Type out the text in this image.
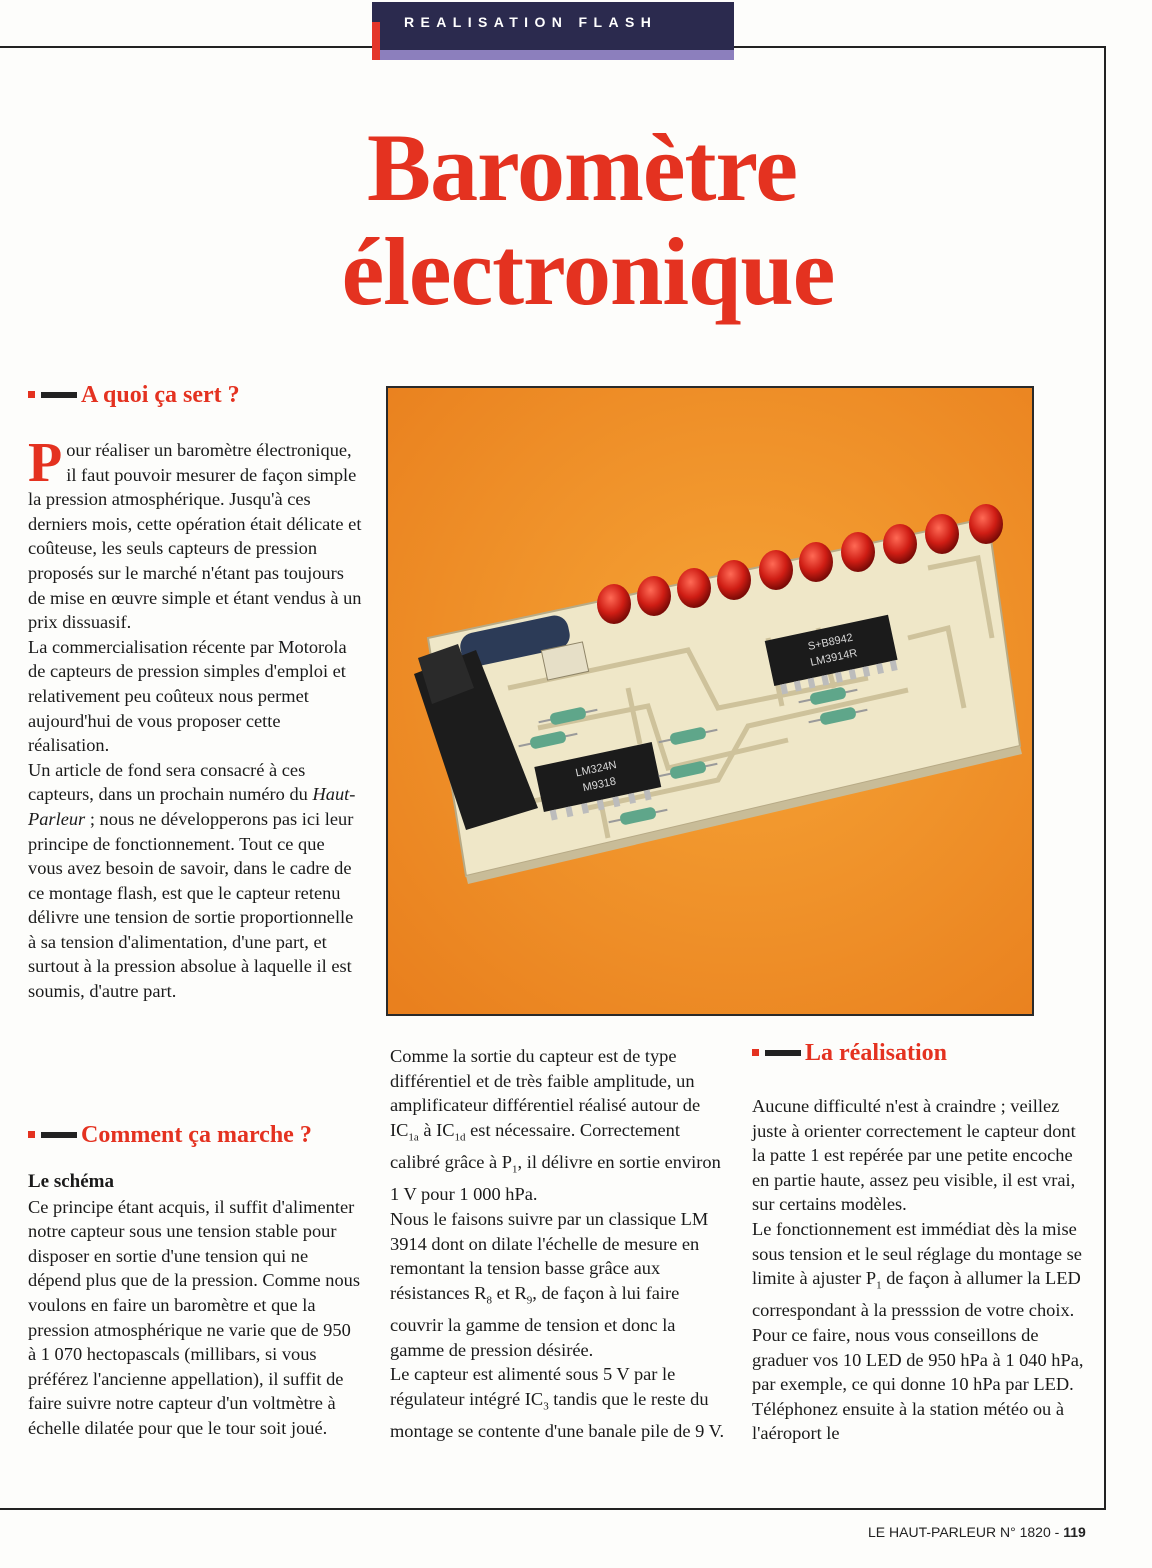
REALISATION FLASH
Baromètre
électronique
A quoi ça sert ?

Pour réaliser un baromètre électronique, il faut pouvoir mesurer de façon simple la pression atmosphérique. Jusqu'à ces derniers mois, cette opération était délicate et coûteuse, les seuls capteurs de pression proposés sur le marché n'étant pas toujours de mise en œuvre simple et étant vendus à un prix dissuasif.

La commercialisation récente par Motorola de capteurs de pression simples d'emploi et relativement peu coûteux nous permet aujourd'hui de vous proposer cette réalisation.

Un article de fond sera consacré à ces capteurs, dans un prochain numéro du Haut-Parleur ; nous ne développerons pas ici leur principe de fonctionnement. Tout ce que vous avez besoin de savoir, dans le cadre de ce montage flash, est que le capteur retenu délivre une tension de sortie proportionnelle à sa tension d'alimentation, d'une part, et surtout à la pression absolue à laquelle il est soumis, d'autre part.

Comment ça marche ?

Le schéma

Ce principe étant acquis, il suffit d'alimenter notre capteur sous une tension stable pour disposer en sortie d'une tension qui ne dépend plus que de la pression. Comme nous voulons en faire un baromètre et que la pression atmosphérique ne varie que de 950 à 1 070 hectopascals (millibars, si vous préférez l'ancienne appellation), il suffit de faire suivre notre capteur d'un voltmètre à échelle dilatée pour que le tour soit joué.

LM324N
M9318
S+B8942
LM3914R

Comme la sortie du capteur est de type différentiel et de très faible amplitude, un amplificateur différentiel réalisé autour de $IC_{1a}$ à $IC_{1d}$ est nécessaire. Correctement calibré grâce à $P_1$, il délivre en sortie environ 1 V pour 1 000 hPa.

Nous le faisons suivre par un classique LM 3914 dont on dilate l'échelle de mesure en remontant la tension basse grâce aux résistances $R_8$ et $R_9$, de façon à lui faire couvrir la gamme de tension et donc la gamme de pression désirée.

Le capteur est alimenté sous 5 V par le régulateur intégré $IC_3$ tandis que le reste du montage se contente d'une banale pile de 9 V.

La réalisation

Aucune difficulté n'est à craindre ; veillez juste à orienter correctement le capteur dont la patte 1 est repérée par une petite encoche en partie haute, assez peu visible, il est vrai, sur certains modèles.

Le fonctionnement est immédiat dès la mise sous tension et le seul réglage du montage se limite à ajuster $P_1$ de façon à allumer la LED correspondant à la presssion de votre choix.

Pour ce faire, nous vous conseillons de graduer vos 10 LED de 950 hPa à 1 040 hPa, par exemple, ce qui donne 10 hPa par LED. Téléphonez ensuite à la station météo ou à l'aéroport le

LE HAUT-PARLEUR N° 1820 - 119
